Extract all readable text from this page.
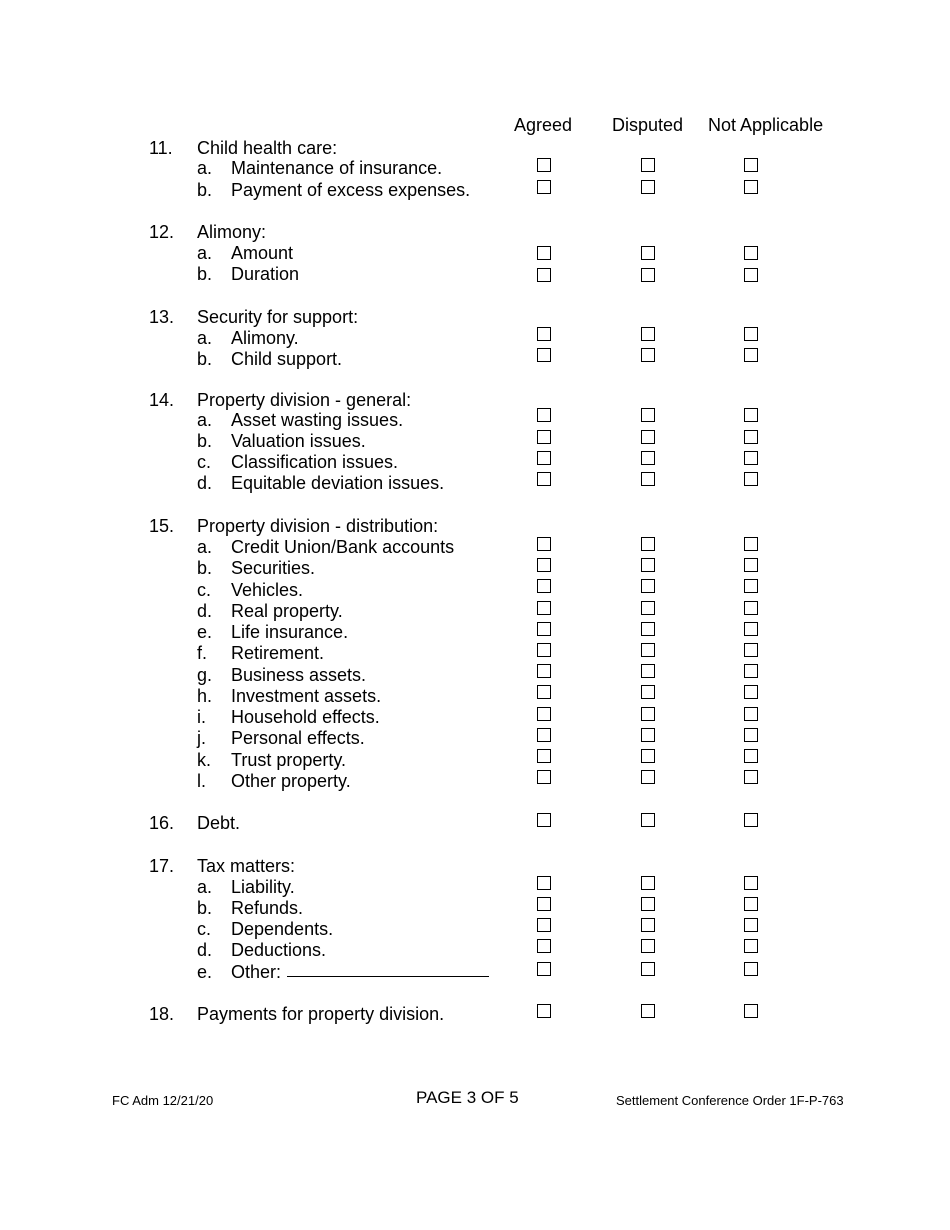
Agreed Disputed Not Applicable
11. Child health care:
a. Maintenance of insurance.
b. Payment of excess expenses.
12. Alimony:
a. Amount
b. Duration
13. Security for support:
a. Alimony.
b. Child support.
14. Property division - general:
a. Asset wasting issues.
b. Valuation issues.
c. Classification issues.
d. Equitable deviation issues.
15. Property division - distribution:
a. Credit Union/Bank accounts
b. Securities.
c. Vehicles.
d. Real property.
e. Life insurance.
f. Retirement.
g. Business assets.
h. Investment assets.
i. Household effects.
j. Personal effects.
k. Trust property.
l. Other property.
16. Debt.
17. Tax matters:
a. Liability.
b. Refunds.
c. Dependents.
d. Deductions.
e. Other:
18. Payments for property division.
FC Adm 12/21/20	PAGE 3 OF 5	Settlement Conference Order 1F-P-763
